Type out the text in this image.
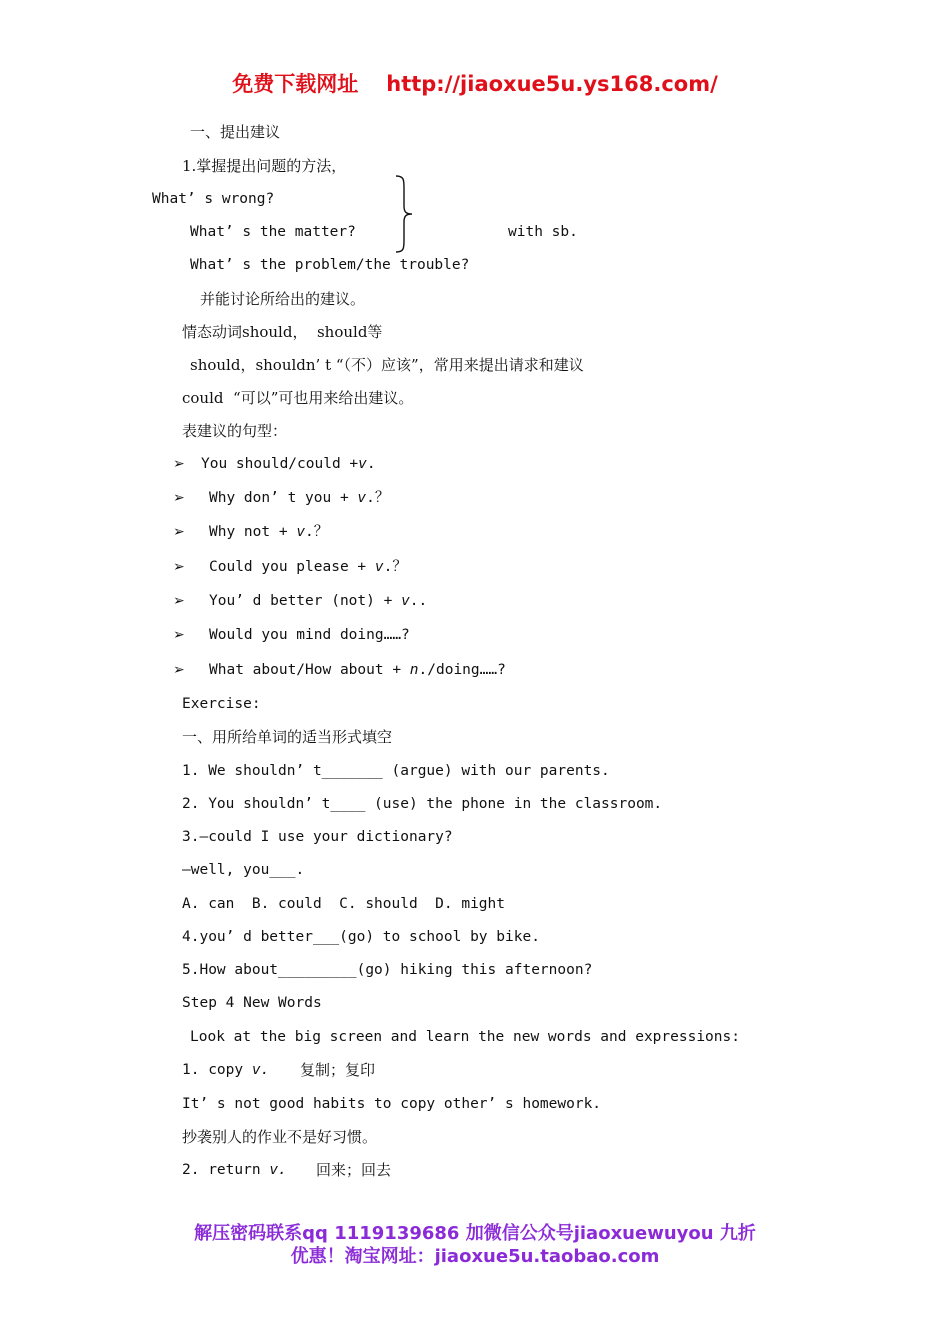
免费下载网址 http://jiaoxue5u.ys168.com/
一、提出建议
1.掌握提出问题的方法，
What’ s wrong?
What’ s the matter?
What’ s the problem/the trouble?
with sb.
并能讨论所给出的建议。
情态动词should，  should等
should，shouldn’ t “（不）应该”，常用来提出请求和建议
could  “可以”可也用来给出建议。
表建议的句型：
➢ You should/could +v.
➢ Why don’ t you + v.？
➢ Why not + v.？
➢ Could you please + v.？
➢ You’ d better (not) + v..
➢ Would you mind doing……?
➢ What about/How about + n./doing……?
Exercise:
一、用所给单词的适当形式填空
1. We shouldn’ t_______ (argue) with our parents.
2. You shouldn’ t____ (use) the phone in the classroom.
3.—could I use your dictionary?
—well, you___.
A. can  B. could  C. should  D. might
4.you’ d better___(go) to school by bike.
5.How about_________(go) hiking this afternoon?
Step 4 New Words
Look at the big screen and learn the new words and expressions:
1. copy v. 复制；复印
It’ s not good habits to copy other’ s homework.
抄袭别人的作业不是好习惯。
2. return v. 回来；回去
解压密码联系qq 1119139686 加微信公众号jiaoxuewuyou 九折
优惠！淘宝网址：jiaoxue5u.taobao.com
